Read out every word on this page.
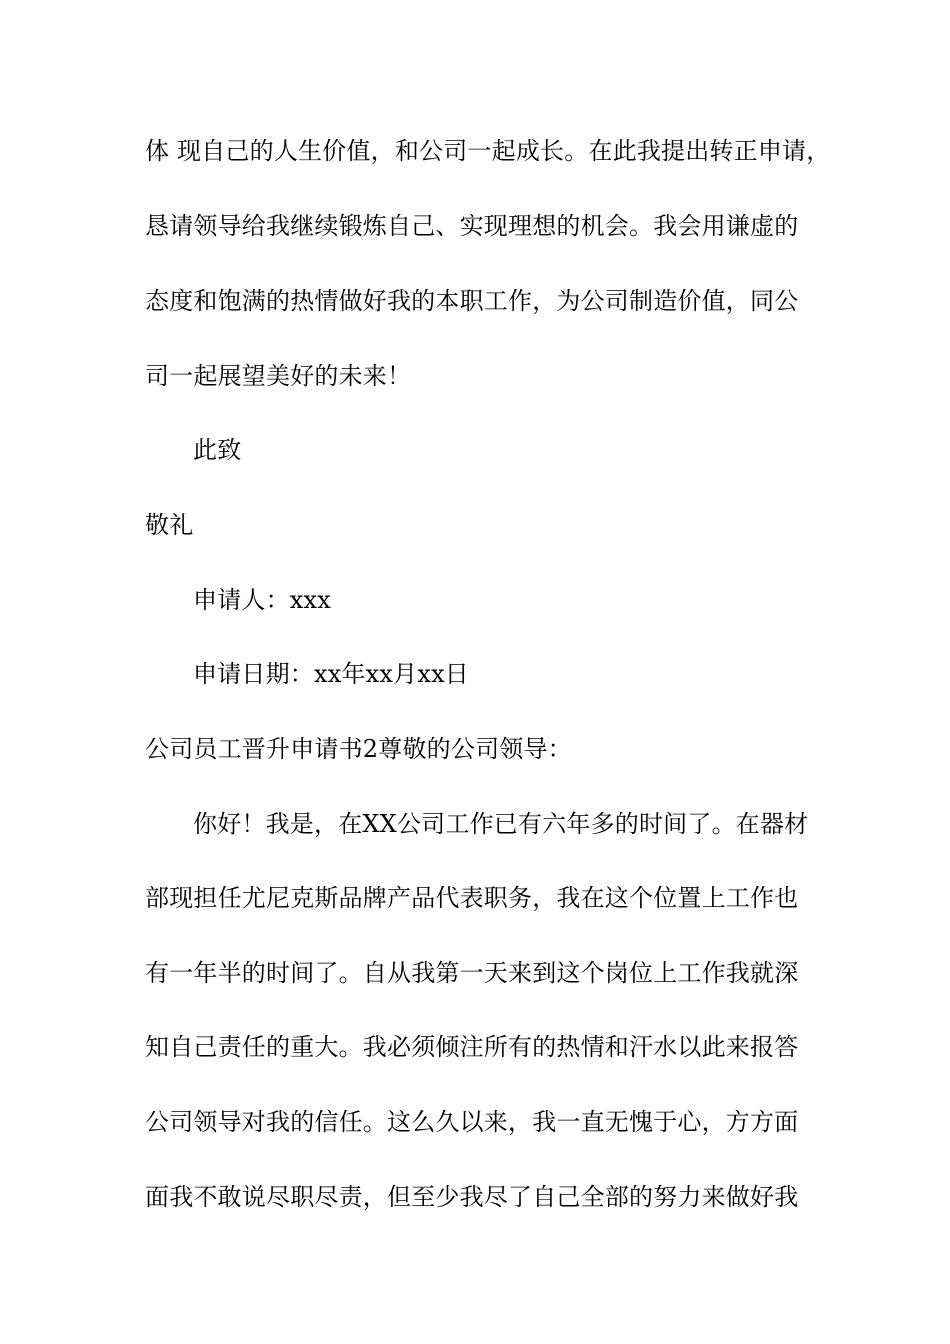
体 现自己的人生价值，和公司一起成长。在此我提出转正申请，
恳请领导给我继续锻炼自己、实现理想的机会。我会用谦虚的
态度和饱满的热情做好我的本职工作，为公司制造价值，同公
司一起展望美好的未来！
此致
敬礼
申请人：xxx
申请日期：xx年xx月xx日
公司员工晋升申请书2尊敬的公司领导：
你好！我是，在XX公司工作已有六年多的时间了。在器材
部现担任尤尼克斯品牌产品代表职务，我在这个位置上工作也
有一年半的时间了。自从我第一天来到这个岗位上工作我就深
知自己责任的重大。我必须倾注所有的热情和汗水以此来报答
公司领导对我的信任。这么久以来，我一直无愧于心，方方面
面我不敢说尽职尽责，但至少我尽了自己全部的努力来做好我
